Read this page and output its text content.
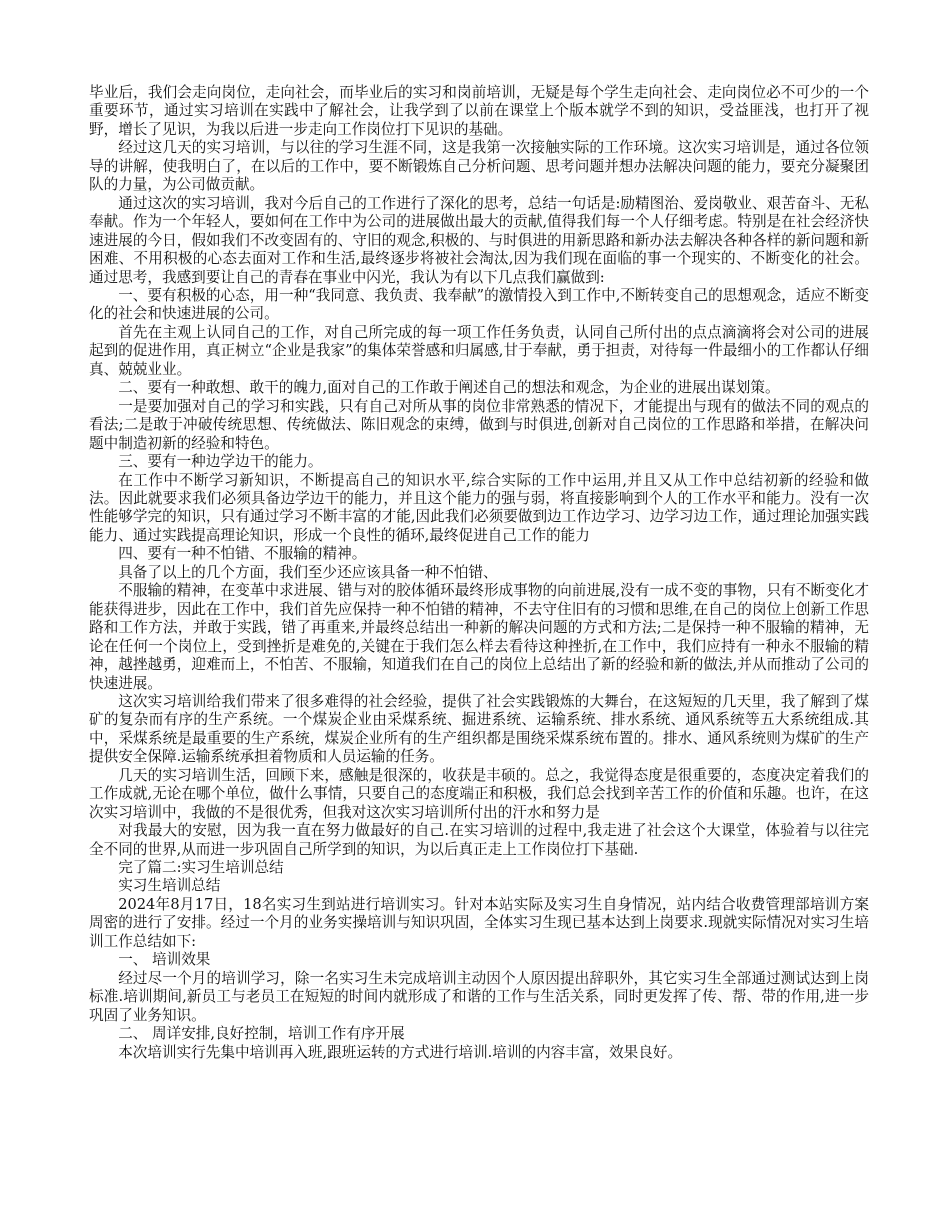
毕业后，我们会走向岗位，走向社会，而毕业后的实习和岗前培训，无疑是每个学生走向社会、走向岗位必不可少的一个重要环节，通过实习培训在实践中了解社会，让我学到了以前在课堂上个版本就学不到的知识，受益匪浅，也打开了视野，增长了见识，为我以后进一步走向工作岗位打下见识的基础。

经过这几天的实习培训，与以往的学习生涯不同，这是我第一次接触实际的工作环境。这次实习培训是，通过各位领导的讲解，使我明白了，在以后的工作中，要不断锻炼自己分析问题、思考问题并想办法解决问题的能力，要充分凝聚团队的力量，为公司做贡献。

通过这次的实习培训，我对今后自己的工作进行了深化的思考，总结一句话是:励精图治、爱岗敬业、艰苦奋斗、无私奉献。作为一个年轻人，要如何在工作中为公司的进展做出最大的贡献,值得我们每一个人仔细考虑。特别是在社会经济快速进展的今日，假如我们不改变固有的、守旧的观念,积极的、与时俱进的用新思路和新办法去解决各种各样的新问题和新困难、不用积极的心态去面对工作和生活,最终逐步将被社会淘汰,因为我们现在面临的事一个现实的、不断变化的社会。通过思考，我感到要让自己的青春在事业中闪光，我认为有以下几点我们赢做到:

一、要有积极的心态，用一种“我同意、我负责、我奉献”的激情投入到工作中,不断转变自己的思想观念，适应不断变化的社会和快速进展的公司。

首先在主观上认同自己的工作，对自己所完成的每一项工作任务负责，认同自己所付出的点点滴滴将会对公司的进展起到的促进作用，真正树立“企业是我家”的集体荣誉感和归属感,甘于奉献，勇于担责，对待每一件最细小的工作都认仔细真、兢兢业业。

二、要有一种敢想、敢干的魄力,面对自己的工作敢于阐述自己的想法和观念，为企业的进展出谋划策。

一是要加强对自己的学习和实践，只有自己对所从事的岗位非常熟悉的情况下，才能提出与现有的做法不同的观点的看法;二是敢于冲破传统思想、传统做法、陈旧观念的束缚，做到与时俱进,创新对自己岗位的工作思路和举措，在解决问题中制造初新的经验和特色。

三、要有一种边学边干的能力。

在工作中不断学习新知识，不断提高自己的知识水平,综合实际的工作中运用,并且又从工作中总结初新的经验和做法。因此就要求我们必须具备边学边干的能力，并且这个能力的强与弱，将直接影响到个人的工作水平和能力。没有一次性能够学完的知识，只有通过学习不断丰富的才能,因此我们必须要做到边工作边学习、边学习边工作，通过理论加强实践能力、通过实践提高理论知识，形成一个良性的循环,最终促进自己工作的能力

四、要有一种不怕错、不服输的精神。

具备了以上的几个方面，我们至少还应该具备一种不怕错、

不服输的精神，在变革中求进展、错与对的胶体循环最终形成事物的向前进展,没有一成不变的事物，只有不断变化才能获得进步，因此在工作中，我们首先应保持一种不怕错的精神，不去守住旧有的习惯和思维,在自己的岗位上创新工作思路和工作方法，并敢于实践，错了再重来,并最终总结出一种新的解决问题的方式和方法;二是保持一种不服输的精神，无论在任何一个岗位上，受到挫折是难免的,关键在于我们怎么样去看待这种挫折,在工作中，我们应持有一种永不服输的精神，越挫越勇，迎难而上，不怕苦、不服输，知道我们在自己的岗位上总结出了新的经验和新的做法,并从而推动了公司的快速进展。

这次实习培训给我们带来了很多难得的社会经验，提供了社会实践锻炼的大舞台，在这短短的几天里，我了解到了煤矿的复杂而有序的生产系统。一个煤炭企业由采煤系统、掘进系统、运输系统、排水系统、通风系统等五大系统组成.其中，采煤系统是最重要的生产系统，煤炭企业所有的生产组织都是围绕采煤系统布置的。排水、通风系统则为煤矿的生产提供安全保障.运输系统承担着物质和人员运输的任务。

几天的实习培训生活，回顾下来，感触是很深的，收获是丰硕的。总之，我觉得态度是很重要的，态度决定着我们的工作成就,无论在哪个单位，做什么事情，只要自己的态度端正和积极，我们总会找到辛苦工作的价值和乐趣。也许，在这次实习培训中，我做的不是很优秀，但我对这次实习培训所付出的汗水和努力是

对我最大的安慰，因为我一直在努力做最好的自己.在实习培训的过程中,我走进了社会这个大课堂，体验着与以往完全不同的世界,从而进一步巩固自己所学到的知识，为以后真正走上工作岗位打下基础.

完了篇二:实习生培训总结

实习生培训总结

2024年8月17日，18名实习生到站进行培训实习。针对本站实际及实习生自身情况，站内结合收费管理部培训方案周密的进行了安排。经过一个月的业务实操培训与知识巩固，全体实习生现已基本达到上岗要求.现就实际情况对实习生培训工作总结如下:

一、 培训效果

经过尽一个月的培训学习，除一名实习生未完成培训主动因个人原因提出辞职外，其它实习生全部通过测试达到上岗标准.培训期间,新员工与老员工在短短的时间内就形成了和谐的工作与生活关系，同时更发挥了传、帮、带的作用,进一步巩固了业务知识。

二、 周详安排,良好控制，培训工作有序开展

本次培训实行先集中培训再入班,跟班运转的方式进行培训.培训的内容丰富，效果良好。
